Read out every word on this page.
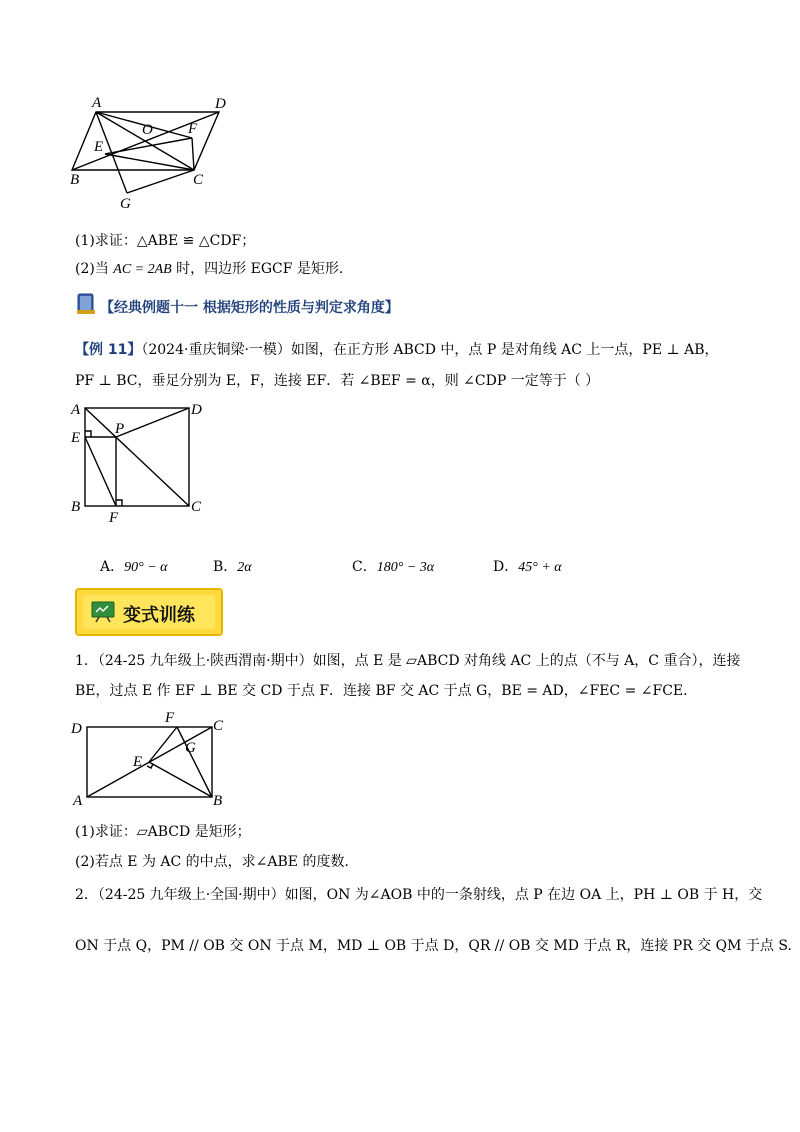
A	D
O F
E
B	C
G
(1)求证：△ABE ≌ △CDF；
(2)当 AC = 2AB 时，四边形 EGCF 是矩形.
【经典例题十一 根据矩形的性质与判定求角度】
【例 11】（2024·重庆铜梁·一模）如图，在正方形 ABCD 中，点 P 是对角线 AC 上一点，PE ⊥ AB，
PF ⊥ BC，垂足分别为 E，F，连接 EF．若 ∠BEF = α，则 ∠CDP 一定等于（ ）
A	D
E
P
B	C
F
A．90° − α	B．2α	C．180° − 3α	D．45° + α
变式训练
1．（24-25 九年级上·陕西渭南·期中）如图，点 E 是 ▱ABCD 对角线 AC 上的点（不与 A，C 重合），连接
BE，过点 E 作 EF ⊥ BE 交 CD 于点 F．连接 BF 交 AC 于点 G，BE = AD，∠FEC = ∠FCE．
D
F	C
G
E
A	B
(1)求证：▱ABCD 是矩形；
(2)若点 E 为 AC 的中点，求∠ABE 的度数．
2．（24-25 九年级上·全国·期中）如图，ON 为∠AOB 中的一条射线，点 P 在边 OA 上，PH ⊥ OB 于 H，交
ON 于点 Q，PM // OB 交 ON 于点 M，MD ⊥ OB 于点 D，QR // OB 交 MD 于点 R，连接 PR 交 QM 于点 S.
